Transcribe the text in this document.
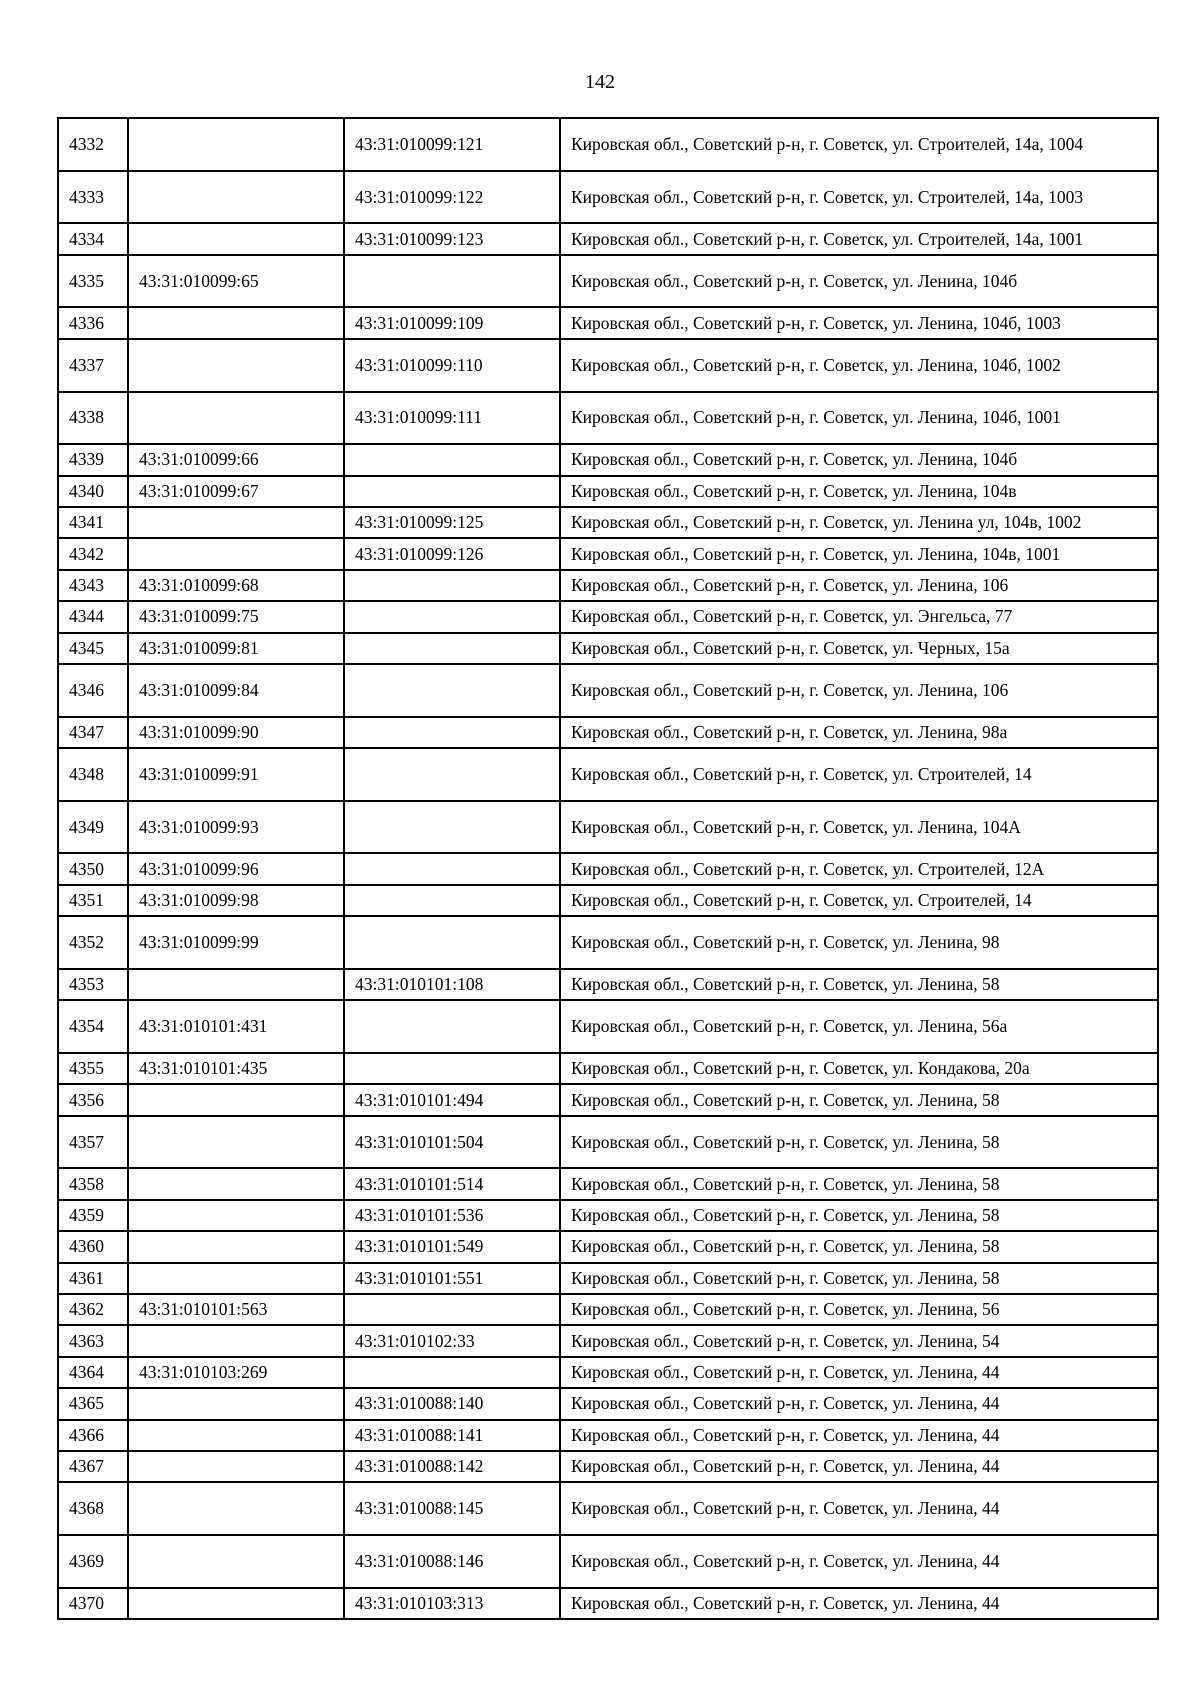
142
4332		43:31:010099:121	Кировская обл., Советский р-н, г. Советск, ул. Строителей, 14а, 1004
4333		43:31:010099:122	Кировская обл., Советский р-н, г. Советск, ул. Строителей, 14а, 1003
4334		43:31:010099:123	Кировская обл., Советский р-н, г. Советск, ул. Строителей, 14а, 1001
4335	43:31:010099:65		Кировская обл., Советский р-н, г. Советск, ул. Ленина, 104б
4336		43:31:010099:109	Кировская обл., Советский р-н, г. Советск, ул. Ленина, 104б, 1003
4337		43:31:010099:110	Кировская обл., Советский р-н, г. Советск, ул. Ленина, 104б, 1002
4338		43:31:010099:111	Кировская обл., Советский р-н, г. Советск, ул. Ленина, 104б, 1001
4339	43:31:010099:66		Кировская обл., Советский р-н, г. Советск, ул. Ленина, 104б
4340	43:31:010099:67		Кировская обл., Советский р-н, г. Советск, ул. Ленина, 104в
4341		43:31:010099:125	Кировская обл., Советский р-н, г. Советск, ул. Ленина ул, 104в, 1002
4342		43:31:010099:126	Кировская обл., Советский р-н, г. Советск, ул. Ленина, 104в, 1001
4343	43:31:010099:68		Кировская обл., Советский р-н, г. Советск, ул. Ленина, 106
4344	43:31:010099:75		Кировская обл., Советский р-н, г. Советск, ул. Энгельса, 77
4345	43:31:010099:81		Кировская обл., Советский р-н, г. Советск, ул. Черных, 15а
4346	43:31:010099:84		Кировская обл., Советский р-н, г. Советск, ул. Ленина, 106
4347	43:31:010099:90		Кировская обл., Советский р-н, г. Советск, ул. Ленина, 98а
4348	43:31:010099:91		Кировская обл., Советский р-н, г. Советск, ул. Строителей, 14
4349	43:31:010099:93		Кировская обл., Советский р-н, г. Советск, ул. Ленина, 104А
4350	43:31:010099:96		Кировская обл., Советский р-н, г. Советск, ул. Строителей, 12А
4351	43:31:010099:98		Кировская обл., Советский р-н, г. Советск, ул. Строителей, 14
4352	43:31:010099:99		Кировская обл., Советский р-н, г. Советск, ул. Ленина, 98
4353		43:31:010101:108	Кировская обл., Советский р-н, г. Советск, ул. Ленина, 58
4354	43:31:010101:431		Кировская обл., Советский р-н, г. Советск, ул. Ленина, 56а
4355	43:31:010101:435		Кировская обл., Советский р-н, г. Советск, ул. Кондакова, 20а
4356		43:31:010101:494	Кировская обл., Советский р-н, г. Советск, ул. Ленина, 58
4357		43:31:010101:504	Кировская обл., Советский р-н, г. Советск, ул. Ленина, 58
4358		43:31:010101:514	Кировская обл., Советский р-н, г. Советск, ул. Ленина, 58
4359		43:31:010101:536	Кировская обл., Советский р-н, г. Советск, ул. Ленина, 58
4360		43:31:010101:549	Кировская обл., Советский р-н, г. Советск, ул. Ленина, 58
4361		43:31:010101:551	Кировская обл., Советский р-н, г. Советск, ул. Ленина, 58
4362	43:31:010101:563		Кировская обл., Советский р-н, г. Советск, ул. Ленина, 56
4363		43:31:010102:33	Кировская обл., Советский р-н, г. Советск, ул. Ленина, 54
4364	43:31:010103:269		Кировская обл., Советский р-н, г. Советск, ул. Ленина, 44
4365		43:31:010088:140	Кировская обл., Советский р-н, г. Советск, ул. Ленина, 44
4366		43:31:010088:141	Кировская обл., Советский р-н, г. Советск, ул. Ленина, 44
4367		43:31:010088:142	Кировская обл., Советский р-н, г. Советск, ул. Ленина, 44
4368		43:31:010088:145	Кировская обл., Советский р-н, г. Советск, ул. Ленина, 44
4369		43:31:010088:146	Кировская обл., Советский р-н, г. Советск, ул. Ленина, 44
4370		43:31:010103:313	Кировская обл., Советский р-н, г. Советск, ул. Ленина, 44
